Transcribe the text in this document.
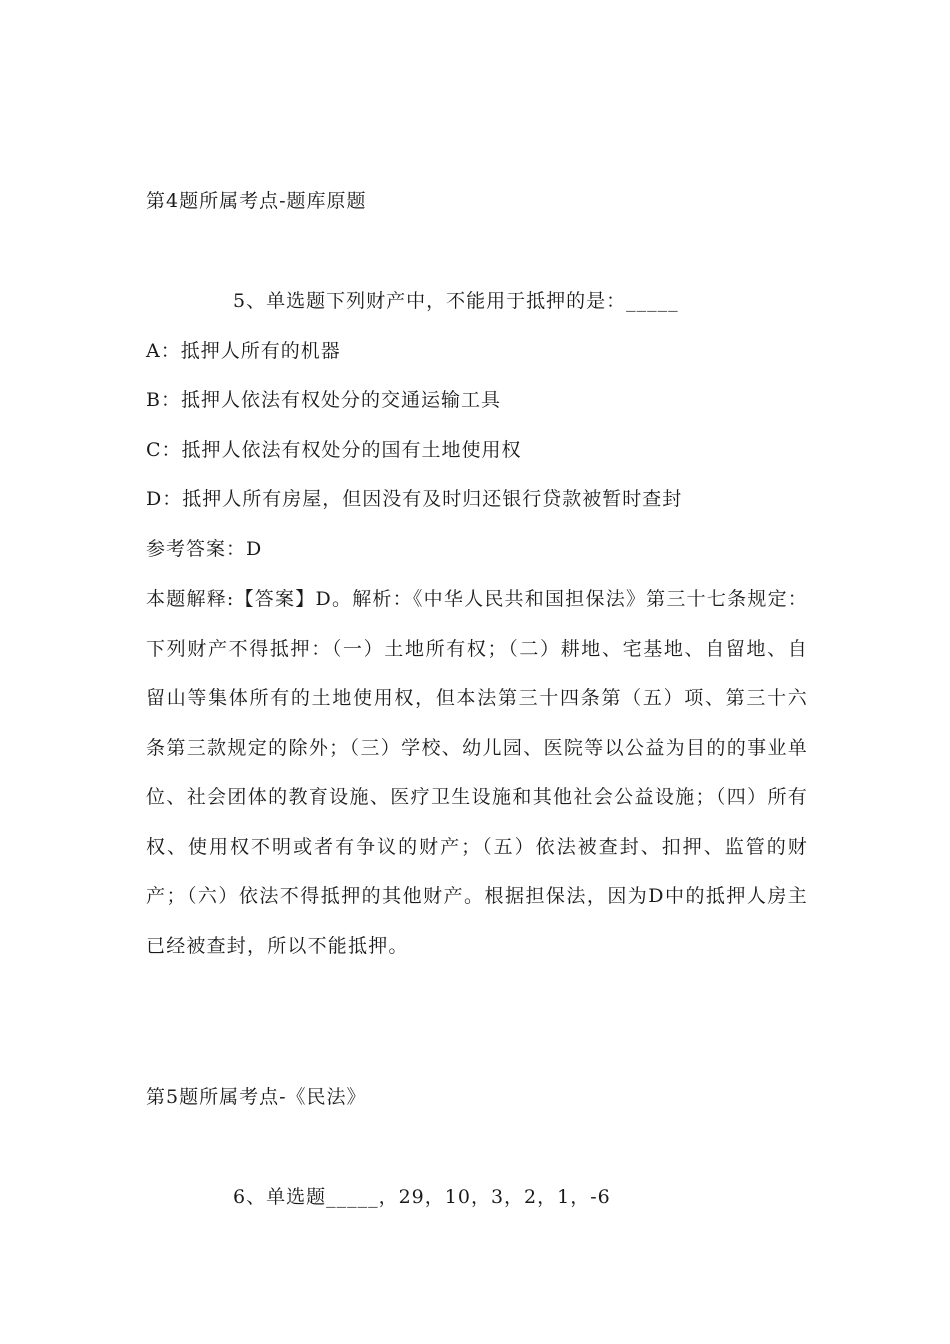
第4题所属考点-题库原题
5、单选题下列财产中，不能用于抵押的是：_____
A：抵押人所有的机器
B：抵押人依法有权处分的交通运输工具
C：抵押人依法有权处分的国有土地使用权
D：抵押人所有房屋，但因没有及时归还银行贷款被暂时查封
参考答案：D
本题解释:【答案】D。解析：《中华人民共和国担保法》第三十七条规定：下列财产不得抵押：（一）土地所有权；（二）耕地、宅基地、自留地、自留山等集体所有的土地使用权，但本法第三十四条第（五）项、第三十六条第三款规定的除外；（三）学校、幼儿园、医院等以公益为目的的事业单位、社会团体的教育设施、医疗卫生设施和其他社会公益设施；（四）所有权、使用权不明或者有争议的财产；（五）依法被查封、扣押、监管的财产；（六）依法不得抵押的其他财产。根据担保法，因为D中的抵押人房主已经被查封，所以不能抵押。
第5题所属考点-《民法》
6、单选题_____，29，10，3，2，1，-6
